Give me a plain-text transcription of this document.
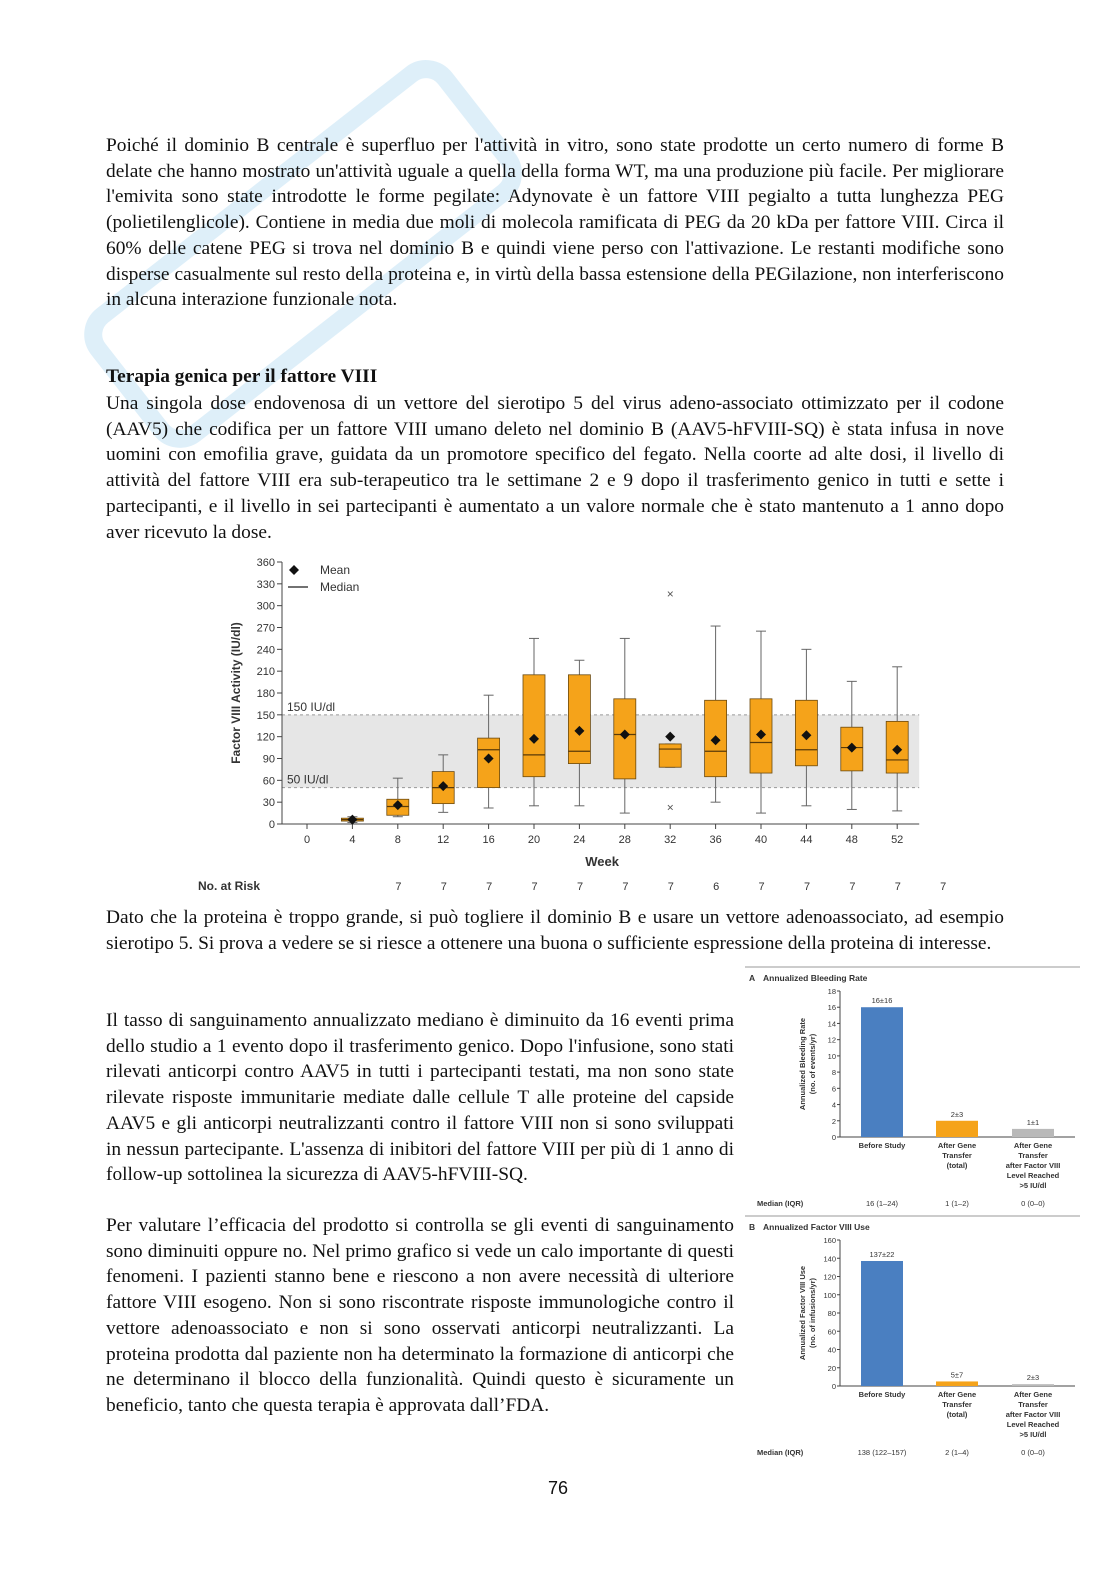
Poiché il dominio B centrale è superfluo per l'attività in vitro, sono state prodotte un certo numero di forme B delate che hanno mostrato un'attività uguale a quella della forma WT, ma una produzione più facile. Per migliorare l'emivita sono state introdotte le forme pegilate: Adynovate è un fattore VIII pegialto a tutta lunghezza PEG (polietilenglicole). Contiene in media due moli di molecola ramificata di PEG da 20 kDa per fattore VIII. Circa il 60% delle catene PEG si trova nel dominio B e quindi viene perso con l'attivazione. Le restanti modifiche sono disperse casualmente sul resto della proteina e, in virtù della bassa estensione della PEGilazione, non interferiscono in alcuna interazione funzionale nota.

Terapia genica per il fattore VIII

Una singola dose endovenosa di un vettore del sierotipo 5 del virus adeno-associato ottimizzato per il codone (AAV5) che codifica per un fattore VIII umano deleto nel dominio B (AAV5-hFVIII-SQ) è stata infusa in nove uomini con emofilia grave, guidata da un promotore specifico del fegato. Nella coorte ad alte dosi, il livello di attività del fattore VIII era sub-terapeutico tra le settimane 2 e 9 dopo il trasferimento genico in tutti e sette i partecipanti, e il livello in sei partecipanti è aumentato a un valore normale che è stato mantenuto a 1 anno dopo aver ricevuto la dose.

150 IU/dl
50 IU/dl
0
30
60
90
120
150
180
210
240
270
300
330
360
Factor VIII Activity (IU/dl)
0	4	8	12	16	20	24	28	32	36	40	44	48	52
Week
Mean
Median
×
×
No. at Risk	7	7	7	7	7	7	7	6	7	7	7	7	7

Dato che la proteina è troppo grande, si può togliere il dominio B e usare un vettore adenoassociato, ad esempio sierotipo 5. Si prova a vedere se si riesce a ottenere una buona o sufficiente espressione della proteina di interesse.

Il tasso di sanguinamento annualizzato mediano è diminuito da 16 eventi prima dello studio a 1 evento dopo il trasferimento genico. Dopo l'infusione, sono stati rilevati anticorpi contro AAV5 in tutti i partecipanti testati, ma non sono state rilevate risposte immunitarie mediate dalle cellule T alle proteine del capside AAV5 e gli anticorpi neutralizzanti contro il fattore VIII non si sono sviluppati in nessun partecipante. L'assenza di inibitori del fattore VIII per più di 1 anno di follow-up sottolinea la sicurezza di AAV5-hFVIII-SQ.

Per valutare l’efficacia del prodotto si controlla se gli eventi di sanguinamento sono diminuiti oppure no. Nel primo grafico si vede un calo importante di questi fenomeni. I pazienti stanno bene e riescono a non avere necessità di ulteriore fattore VIII esogeno. Non si sono riscontrate risposte immunologiche contro il vettore adenoassociato e non si sono osservati anticorpi neutralizzanti. La proteina prodotta dal paziente non ha determinato la formazione di anticorpi che ne determinano il blocco della funzionalità. Quindi questo è sicuramente un beneficio, tanto che questa terapia è approvata dall’FDA.

A Annualized Bleeding Rate
0
2
4
6
8
10
12
14
16
18
Annualized Bleeding Rate (no. of events/yr)
16±16
Before Study
16 (1–24)
2±3
After Gene
Transfer
(total)
1 (1–2)
1±1
After Gene
Transfer
after Factor VIII
Level Reached
>5 IU/dl
0 (0–0)
Median (IQR)
B Annualized Factor VIII Use
0
20
40
60
80
100
120
140
160
Annualized Factor VIII Use (no. of infusions/yr)
137±22
Before Study
138 (122–157)
5±7
After Gene
Transfer
(total)
2 (1–4)
2±3
After Gene
Transfer
after Factor VIII
Level Reached
>5 IU/dl
0 (0–0)
Median (IQR)
76
